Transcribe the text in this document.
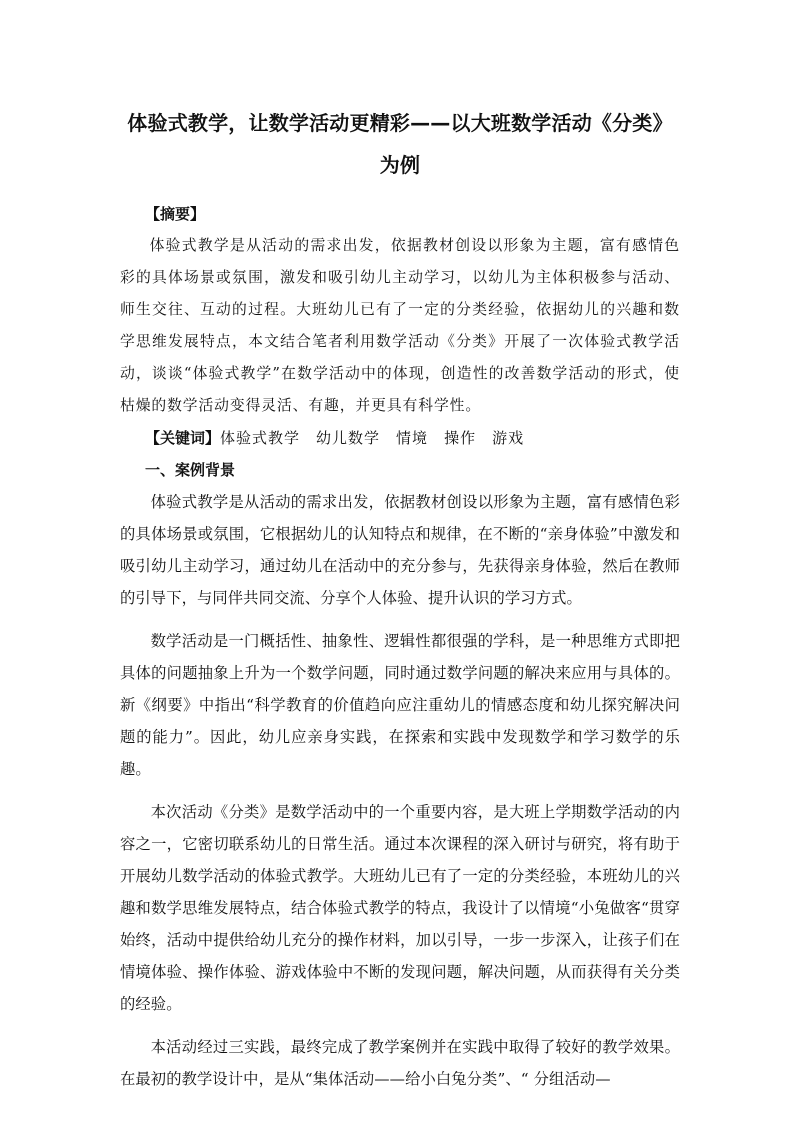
体验式教学，让数学活动更精彩——以大班数学活动《分类》为例
【摘要】

体验式教学是从活动的需求出发，依据教材创设以形象为主题，富有感情色彩的具体场景或氛围，激发和吸引幼儿主动学习，以幼儿为主体积极参与活动、师生交往、互动的过程。大班幼儿已有了一定的分类经验，依据幼儿的兴趣和数学思维发展特点，本文结合笔者利用数学活动《分类》开展了一次体验式教学活动，谈谈“体验式教学”在数学活动中的体现，创造性的改善数学活动的形式，使枯燥的数学活动变得灵活、有趣，并更具有科学性。

【关键词】体验式教学 幼儿数学 情境 操作 游戏
一、案例背景

体验式教学是从活动的需求出发，依据教材创设以形象为主题，富有感情色彩的具体场景或氛围，它根据幼儿的认知特点和规律，在不断的“亲身体验”中激发和吸引幼儿主动学习，通过幼儿在活动中的充分参与，先获得亲身体验，然后在教师的引导下，与同伴共同交流、分享个人体验、提升认识的学习方式。

数学活动是一门概括性、抽象性、逻辑性都很强的学科，是一种思维方式即把具体的问题抽象上升为一个数学问题，同时通过数学问题的解决来应用与具体的。新《纲要》中指出“科学教育的价值趋向应注重幼儿的情感态度和幼儿探究解决问题的能力”。因此，幼儿应亲身实践，在探索和实践中发现数学和学习数学的乐趣。

本次活动《分类》是数学活动中的一个重要内容，是大班上学期数学活动的内容之一，它密切联系幼儿的日常生活。通过本次课程的深入研讨与研究，将有助于开展幼儿数学活动的体验式教学。大班幼儿已有了一定的分类经验，本班幼儿的兴趣和数学思维发展特点，结合体验式教学的特点，我设计了以情境“小兔做客“贯穿始终，活动中提供给幼儿充分的操作材料，加以引导，一步一步深入，让孩子们在情境体验、操作体验、游戏体验中不断的发现问题，解决问题，从而获得有关分类的经验。

本活动经过三实践，最终完成了教学案例并在实践中取得了较好的教学效果。在最初的教学设计中，是从“集体活动——给小白兔分类”、“ 分组活动—
